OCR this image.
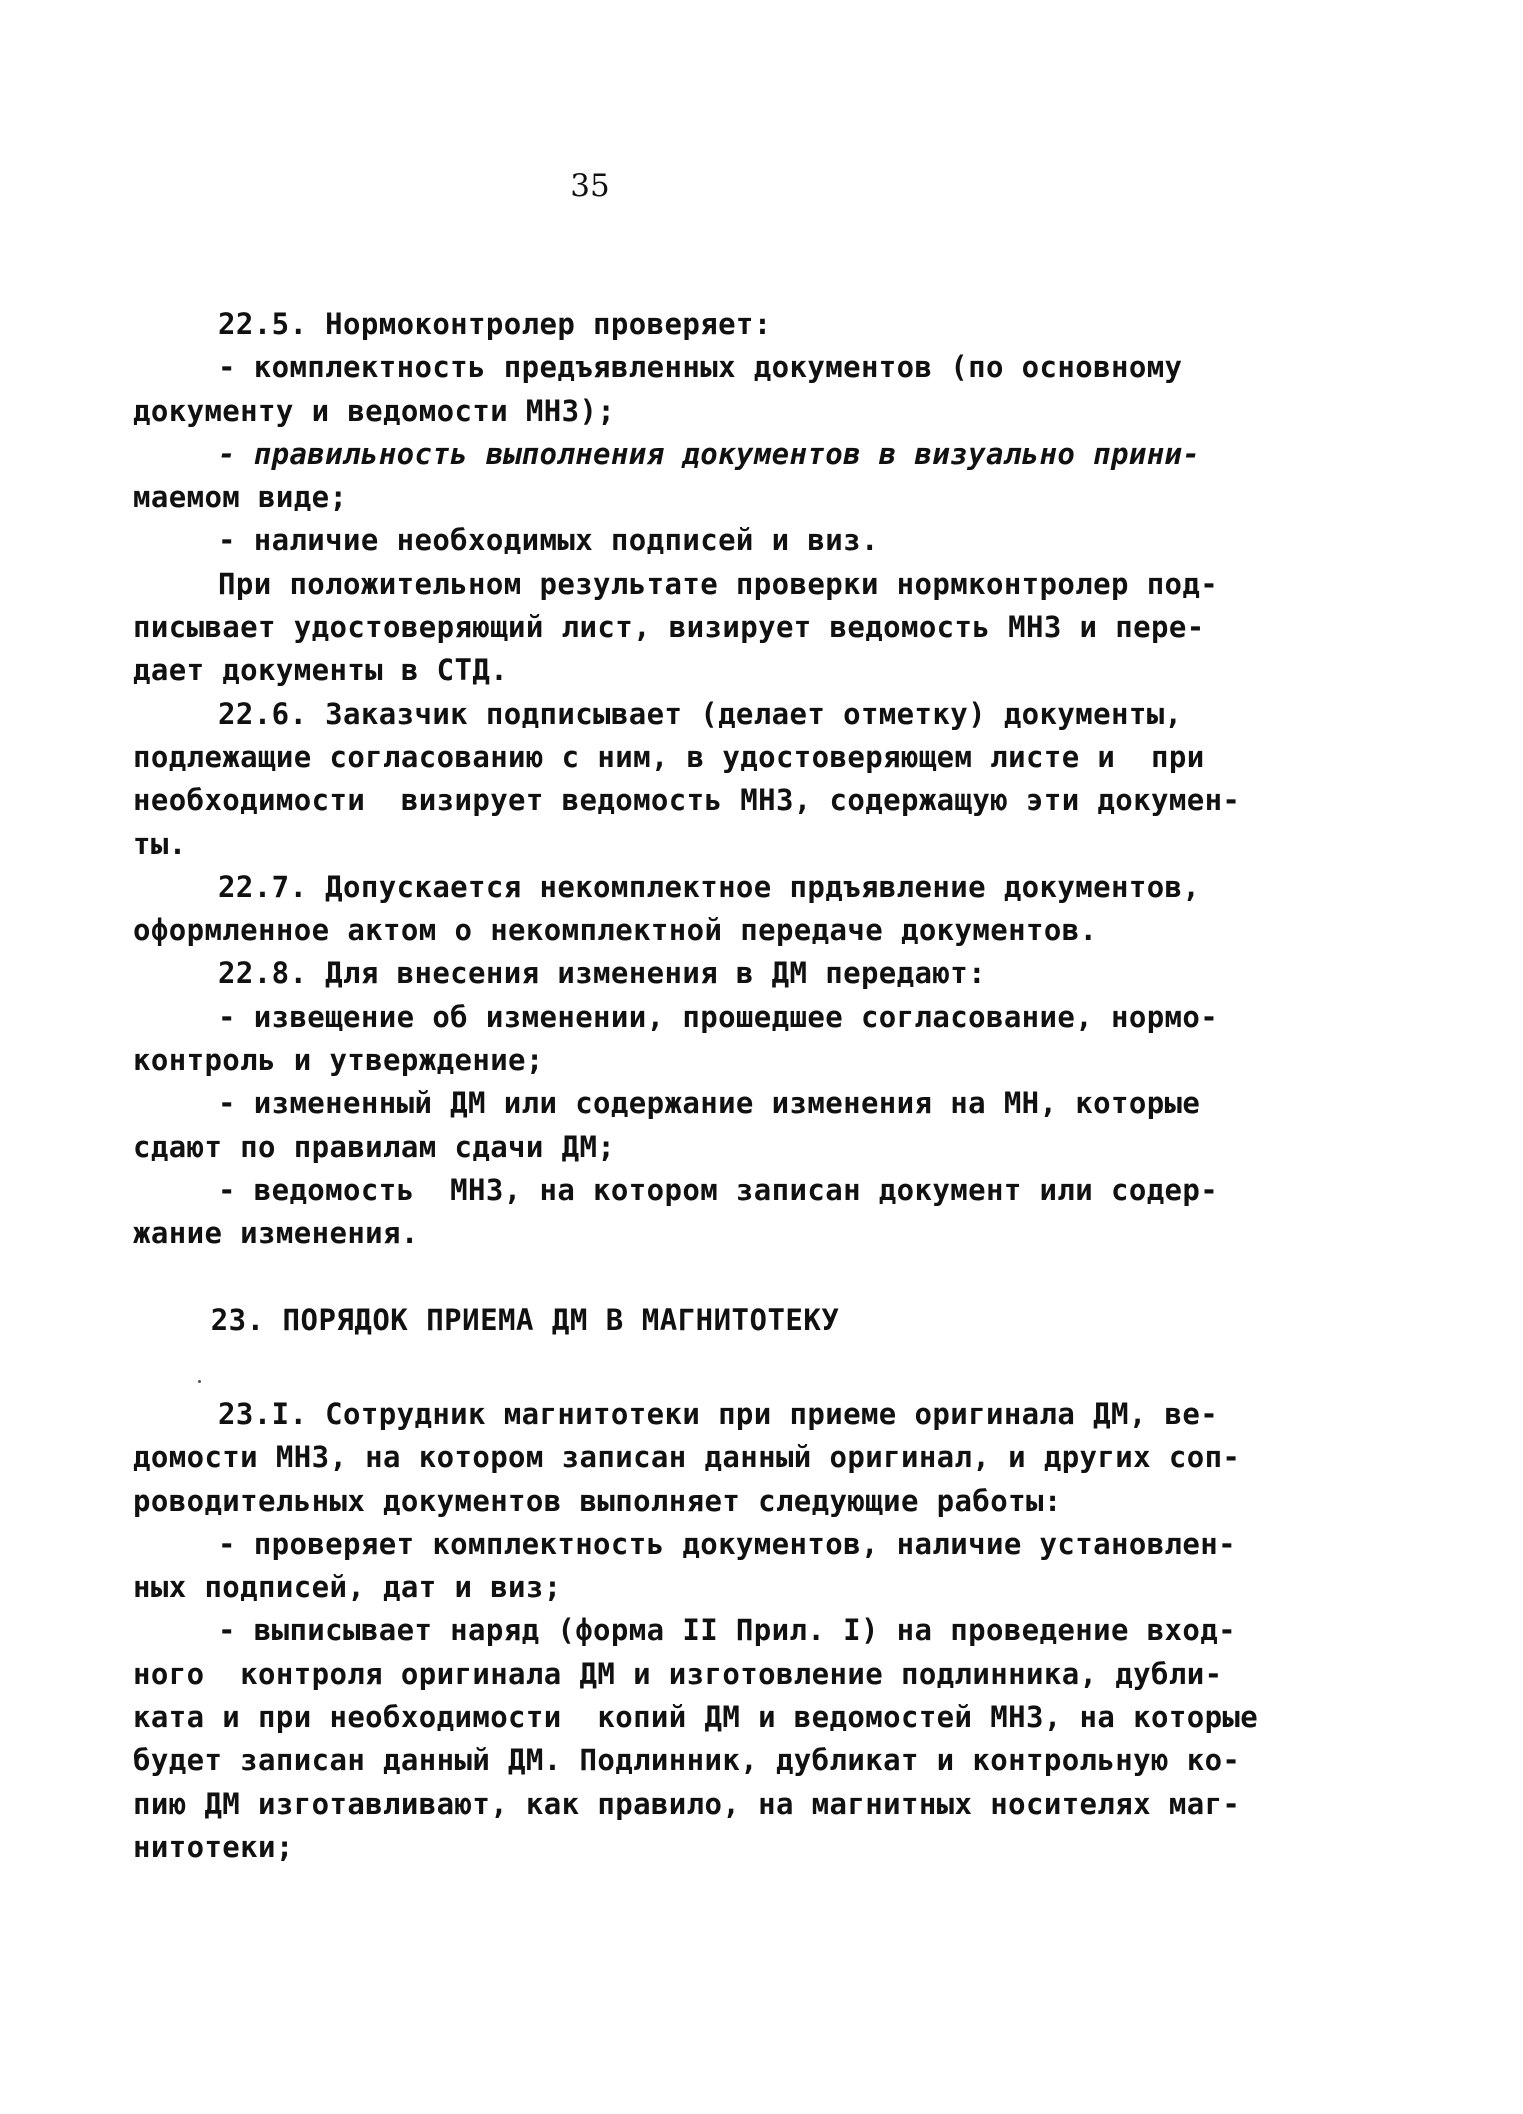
35
22.5. Нормоконтролер проверяет:
- комплектность предъявленных документов (по основному
документу и ведомости МНЗ);
- правильность выполнения документов в визуально прини-
маемом виде;
- наличие необходимых подписей и виз.
При положительном результате проверки нормконтролер под-
писывает удостоверяющий лист, визирует ведомость МНЗ и пере-
дает документы в СТД.
22.6. Заказчик подписывает (делает отметку) документы,
подлежащие согласованию с ним, в удостоверяющем листе и  при
необходимости  визирует ведомость МНЗ, содержащую эти докумен-
ты.
22.7. Допускается некомплектное прдъявление документов,
оформленное актом о некомплектной передаче документов.
22.8. Для внесения изменения в ДМ передают:
- извещение об изменении, прошедшее согласование, нормо-
контроль и утверждение;
- измененный ДМ или содержание изменения на МН, которые
сдают по правилам сдачи ДМ;
- ведомость  МНЗ, на котором записан документ или содер-
жание изменения.
23. ПОРЯДОК ПРИЕМА ДМ В МАГНИТОТЕКУ
23.I. Сотрудник магнитотеки при приеме оригинала ДМ, ве-
домости МНЗ, на котором записан данный оригинал, и других соп-
роводительных документов выполняет следующие работы:
- проверяет комплектность документов, наличие установлен-
ных подписей, дат и виз;
- выписывает наряд (форма II Прил. I) на проведение вход-
ного  контроля оригинала ДМ и изготовление подлинника, дубли-
ката и при необходимости  копий ДМ и ведомостей МНЗ, на которые
будет записан данный ДМ. Подлинник, дубликат и контрольную ко-
пию ДМ изготавливают, как правило, на магнитных носителях маг-
нитотеки;
